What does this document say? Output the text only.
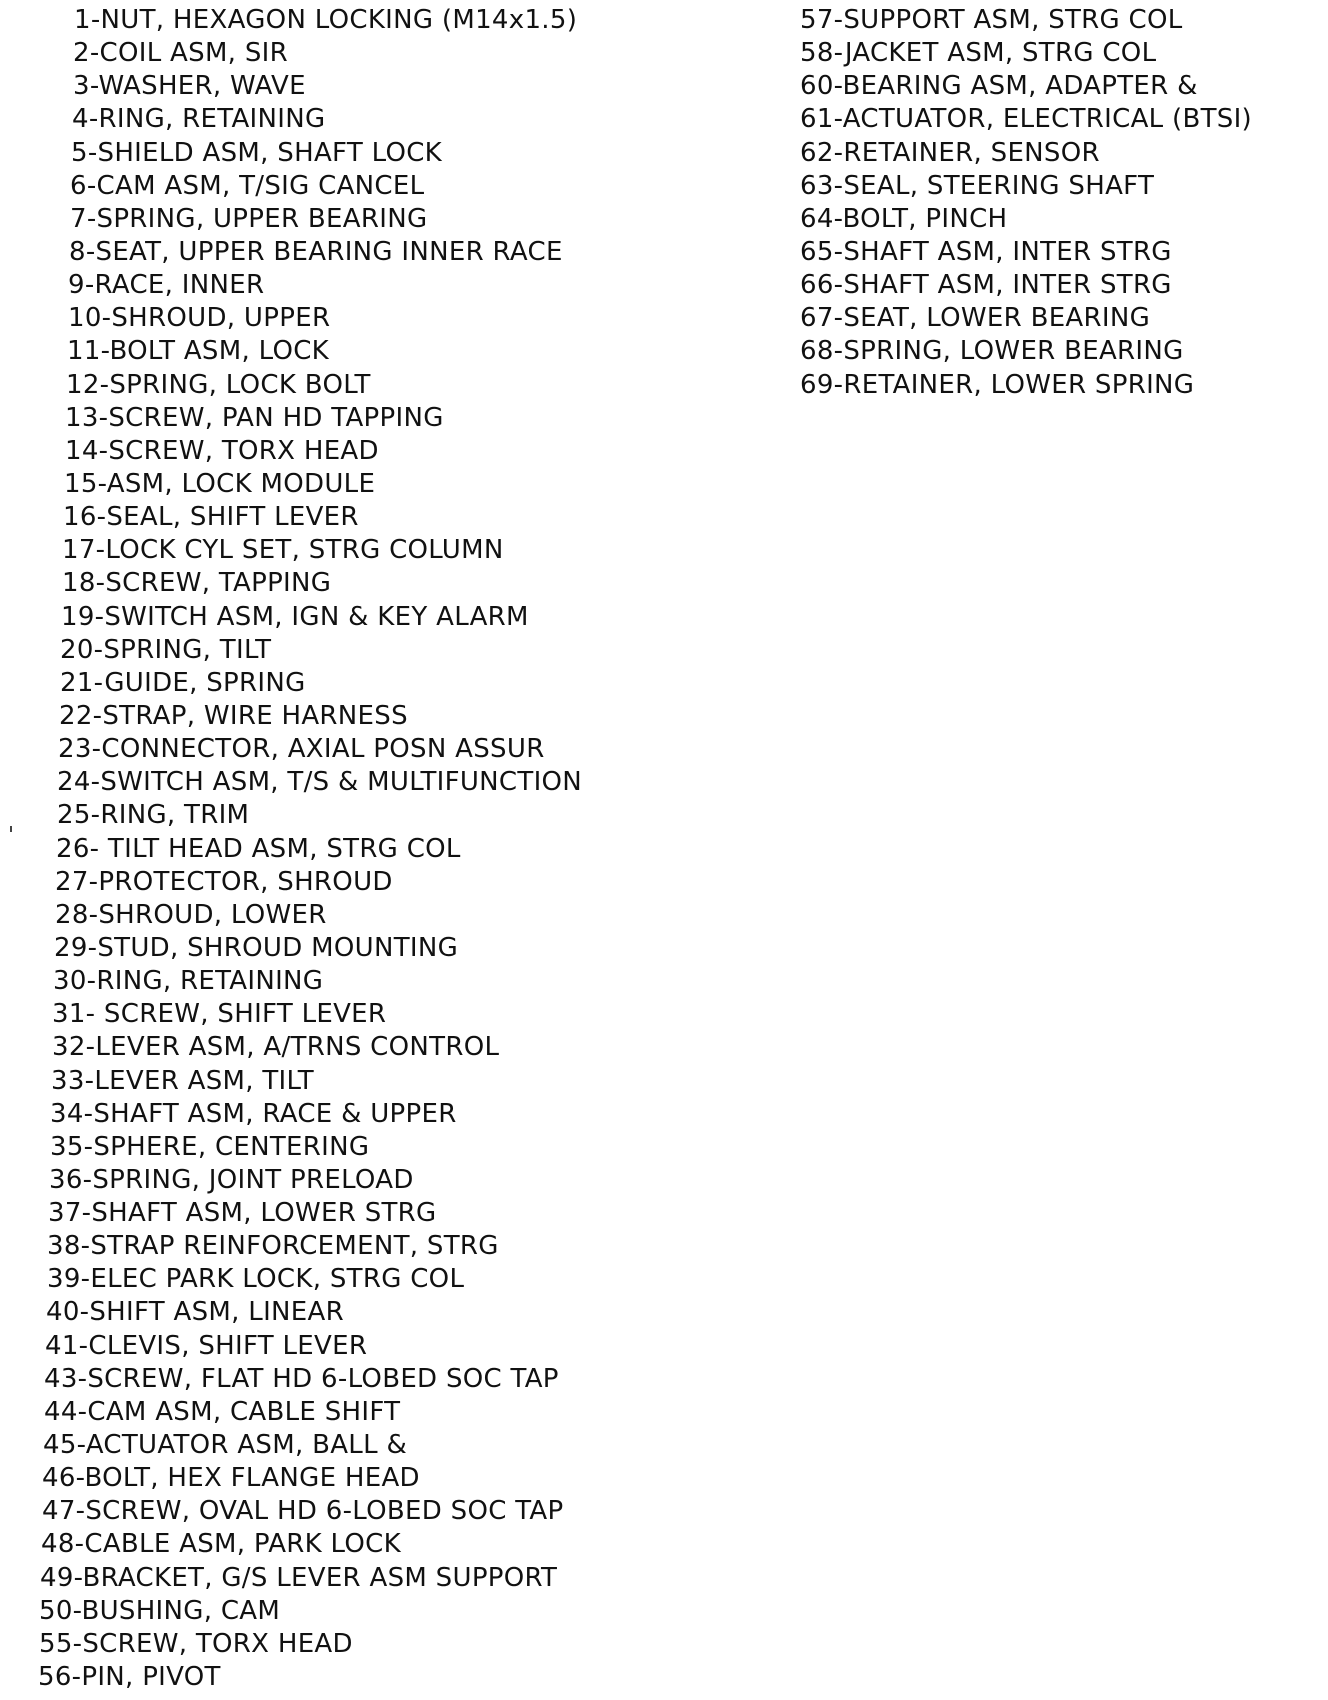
1-NUT, HEXAGON LOCKING (M14x1.5)
2-COIL ASM, SIR
3-WASHER, WAVE
4-RING, RETAINING
5-SHIELD ASM, SHAFT LOCK
6-CAM ASM, T/SIG CANCEL
7-SPRING, UPPER BEARING
8-SEAT, UPPER BEARING INNER RACE
9-RACE, INNER
10-SHROUD, UPPER
11-BOLT ASM, LOCK
12-SPRING, LOCK BOLT
13-SCREW, PAN HD TAPPING
14-SCREW, TORX HEAD
15-ASM, LOCK MODULE
16-SEAL, SHIFT LEVER
17-LOCK CYL SET, STRG COLUMN
18-SCREW, TAPPING
19-SWITCH ASM, IGN & KEY ALARM
20-SPRING, TILT
21-GUIDE, SPRING
22-STRAP, WIRE HARNESS
23-CONNECTOR, AXIAL POSN ASSUR
24-SWITCH ASM, T/S & MULTIFUNCTION
25-RING, TRIM
26- TILT HEAD ASM, STRG COL
27-PROTECTOR, SHROUD
28-SHROUD, LOWER
29-STUD, SHROUD MOUNTING
30-RING, RETAINING
31- SCREW, SHIFT LEVER
32-LEVER ASM, A/TRNS CONTROL
33-LEVER ASM, TILT
34-SHAFT ASM, RACE & UPPER
35-SPHERE, CENTERING
36-SPRING, JOINT PRELOAD
37-SHAFT ASM, LOWER STRG
38-STRAP REINFORCEMENT, STRG
39-ELEC PARK LOCK, STRG COL
40-SHIFT ASM, LINEAR
41-CLEVIS, SHIFT LEVER
43-SCREW, FLAT HD 6-LOBED SOC TAP
44-CAM ASM, CABLE SHIFT
45-ACTUATOR ASM, BALL &
46-BOLT, HEX FLANGE HEAD
47-SCREW, OVAL HD 6-LOBED SOC TAP
48-CABLE ASM, PARK LOCK
49-BRACKET, G/S LEVER ASM SUPPORT
50-BUSHING, CAM
55-SCREW, TORX HEAD
56-PIN, PIVOT
57-SUPPORT ASM, STRG COL
58-JACKET ASM, STRG COL
60-BEARING ASM, ADAPTER &
61-ACTUATOR, ELECTRICAL (BTSI)
62-RETAINER, SENSOR
63-SEAL, STEERING SHAFT
64-BOLT, PINCH
65-SHAFT ASM, INTER STRG
66-SHAFT ASM, INTER STRG
67-SEAT, LOWER BEARING
68-SPRING, LOWER BEARING
69-RETAINER, LOWER SPRING
